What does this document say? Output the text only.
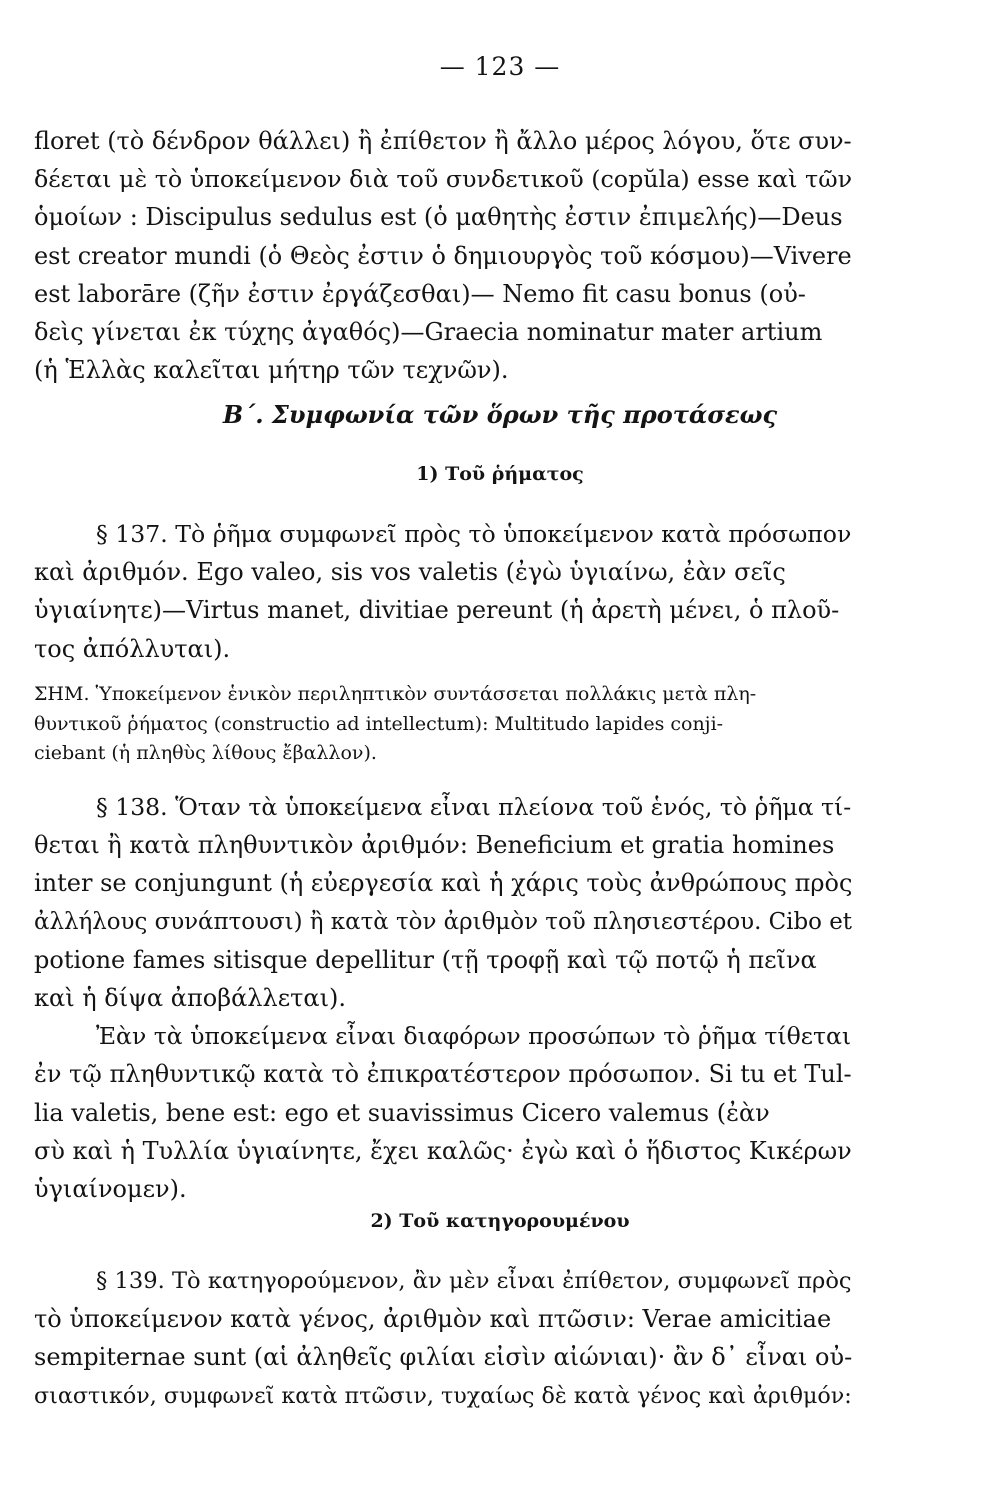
— 123 —
floret (τὸ δένδρον θάλλει) ἢ ἐπίθετον ἢ ἄλλο μέρος λόγου, ὅτε συν-
δέεται μὲ τὸ ὑποκείμενον διὰ τοῦ συνδετικοῦ (copŭla) esse καὶ τῶν
ὁμοίων : Discipulus sedulus est (ὁ μαθητὴς ἐστιν ἐπιμελής)—Deus
est creator mundi (ὁ Θεὸς ἐστιν ὁ δημιουργὸς τοῦ κόσμου)—Vivere
est laborāre (ζῆν ἐστιν ἐργάζεσθαι)— Nemo fit casu bonus (οὐ-
δεὶς γίνεται ἐκ τύχης ἀγαθός)—Graecia nominatur mater artium
(ἡ Ἑλλὰς καλεῖται μήτηρ τῶν τεχνῶν).
Β΄. Συμφωνία τῶν ὅρων τῆς προτάσεως
1) Τοῦ ῥήματος
§ 137. Τὸ ῥῆμα συμφωνεῖ πρὸς τὸ ὑποκείμενον κατὰ πρόσωπον
καὶ ἀριθμόν. Ego valeo, sis vos valetis (ἐγὼ ὑγιαίνω, ἐὰν σεῖς
ὑγιαίνητε)—Virtus manet, divitiae pereunt (ἡ ἀρετὴ μένει, ὁ πλοῦ-
τος ἀπόλλυται).
ΣΗΜ. Ὑποκείμενον ἑνικὸν περιληπτικὸν συντάσσεται πολλάκις μετὰ πλη-
θυντικοῦ ῥήματος (constructio ad intellectum): Multitudo lapides conji-
ciebant (ἡ πληθὺς λίθους ἔβαλλον).
§ 138. Ὅταν τὰ ὑποκείμενα εἶναι πλείονα τοῦ ἑνός, τὸ ῥῆμα τί-
θεται ἢ κατὰ πληθυντικὸν ἀριθμόν: Beneficium et gratia homines
inter se conjungunt (ἡ εὐεργεσία καὶ ἡ χάρις τοὺς ἀνθρώπους πρὸς
ἀλλήλους συνάπτουσι) ἢ κατὰ τὸν ἀριθμὸν τοῦ πλησιεστέρου. Cibo et
potione fames sitisque depellitur (τῇ τροφῇ καὶ τῷ ποτῷ ἡ πεῖνα
καὶ ἡ δίψα ἀποβάλλεται).
Ἐὰν τὰ ὑποκείμενα εἶναι διαφόρων προσώπων τὸ ῥῆμα τίθεται
ἐν τῷ πληθυντικῷ κατὰ τὸ ἐπικρατέστερον πρόσωπον. Si tu et Tul-
lia valetis, bene est: ego et suavissimus Cicero valemus (ἐὰν
σὺ καὶ ἡ Τυλλία ὑγιαίνητε, ἔχει καλῶς· ἐγὼ καὶ ὁ ἥδιστος Κικέρων
ὑγιαίνομεν).
2) Τοῦ κατηγορουμένου
§ 139. Τὸ κατηγορούμενον, ἂν μὲν εἶναι ἐπίθετον, συμφωνεῖ πρὸς
τὸ ὑποκείμενον κατὰ γένος, ἀριθμὸν καὶ πτῶσιν: Verae amicitiae
sempiternae sunt (αἱ ἀληθεῖς φιλίαι εἰσὶν αἰώνιαι)· ἂν δ᾽ εἶναι οὐ-
σιαστικόν, συμφωνεῖ κατὰ πτῶσιν, τυχαίως δὲ κατὰ γένος καὶ ἀριθμόν:
